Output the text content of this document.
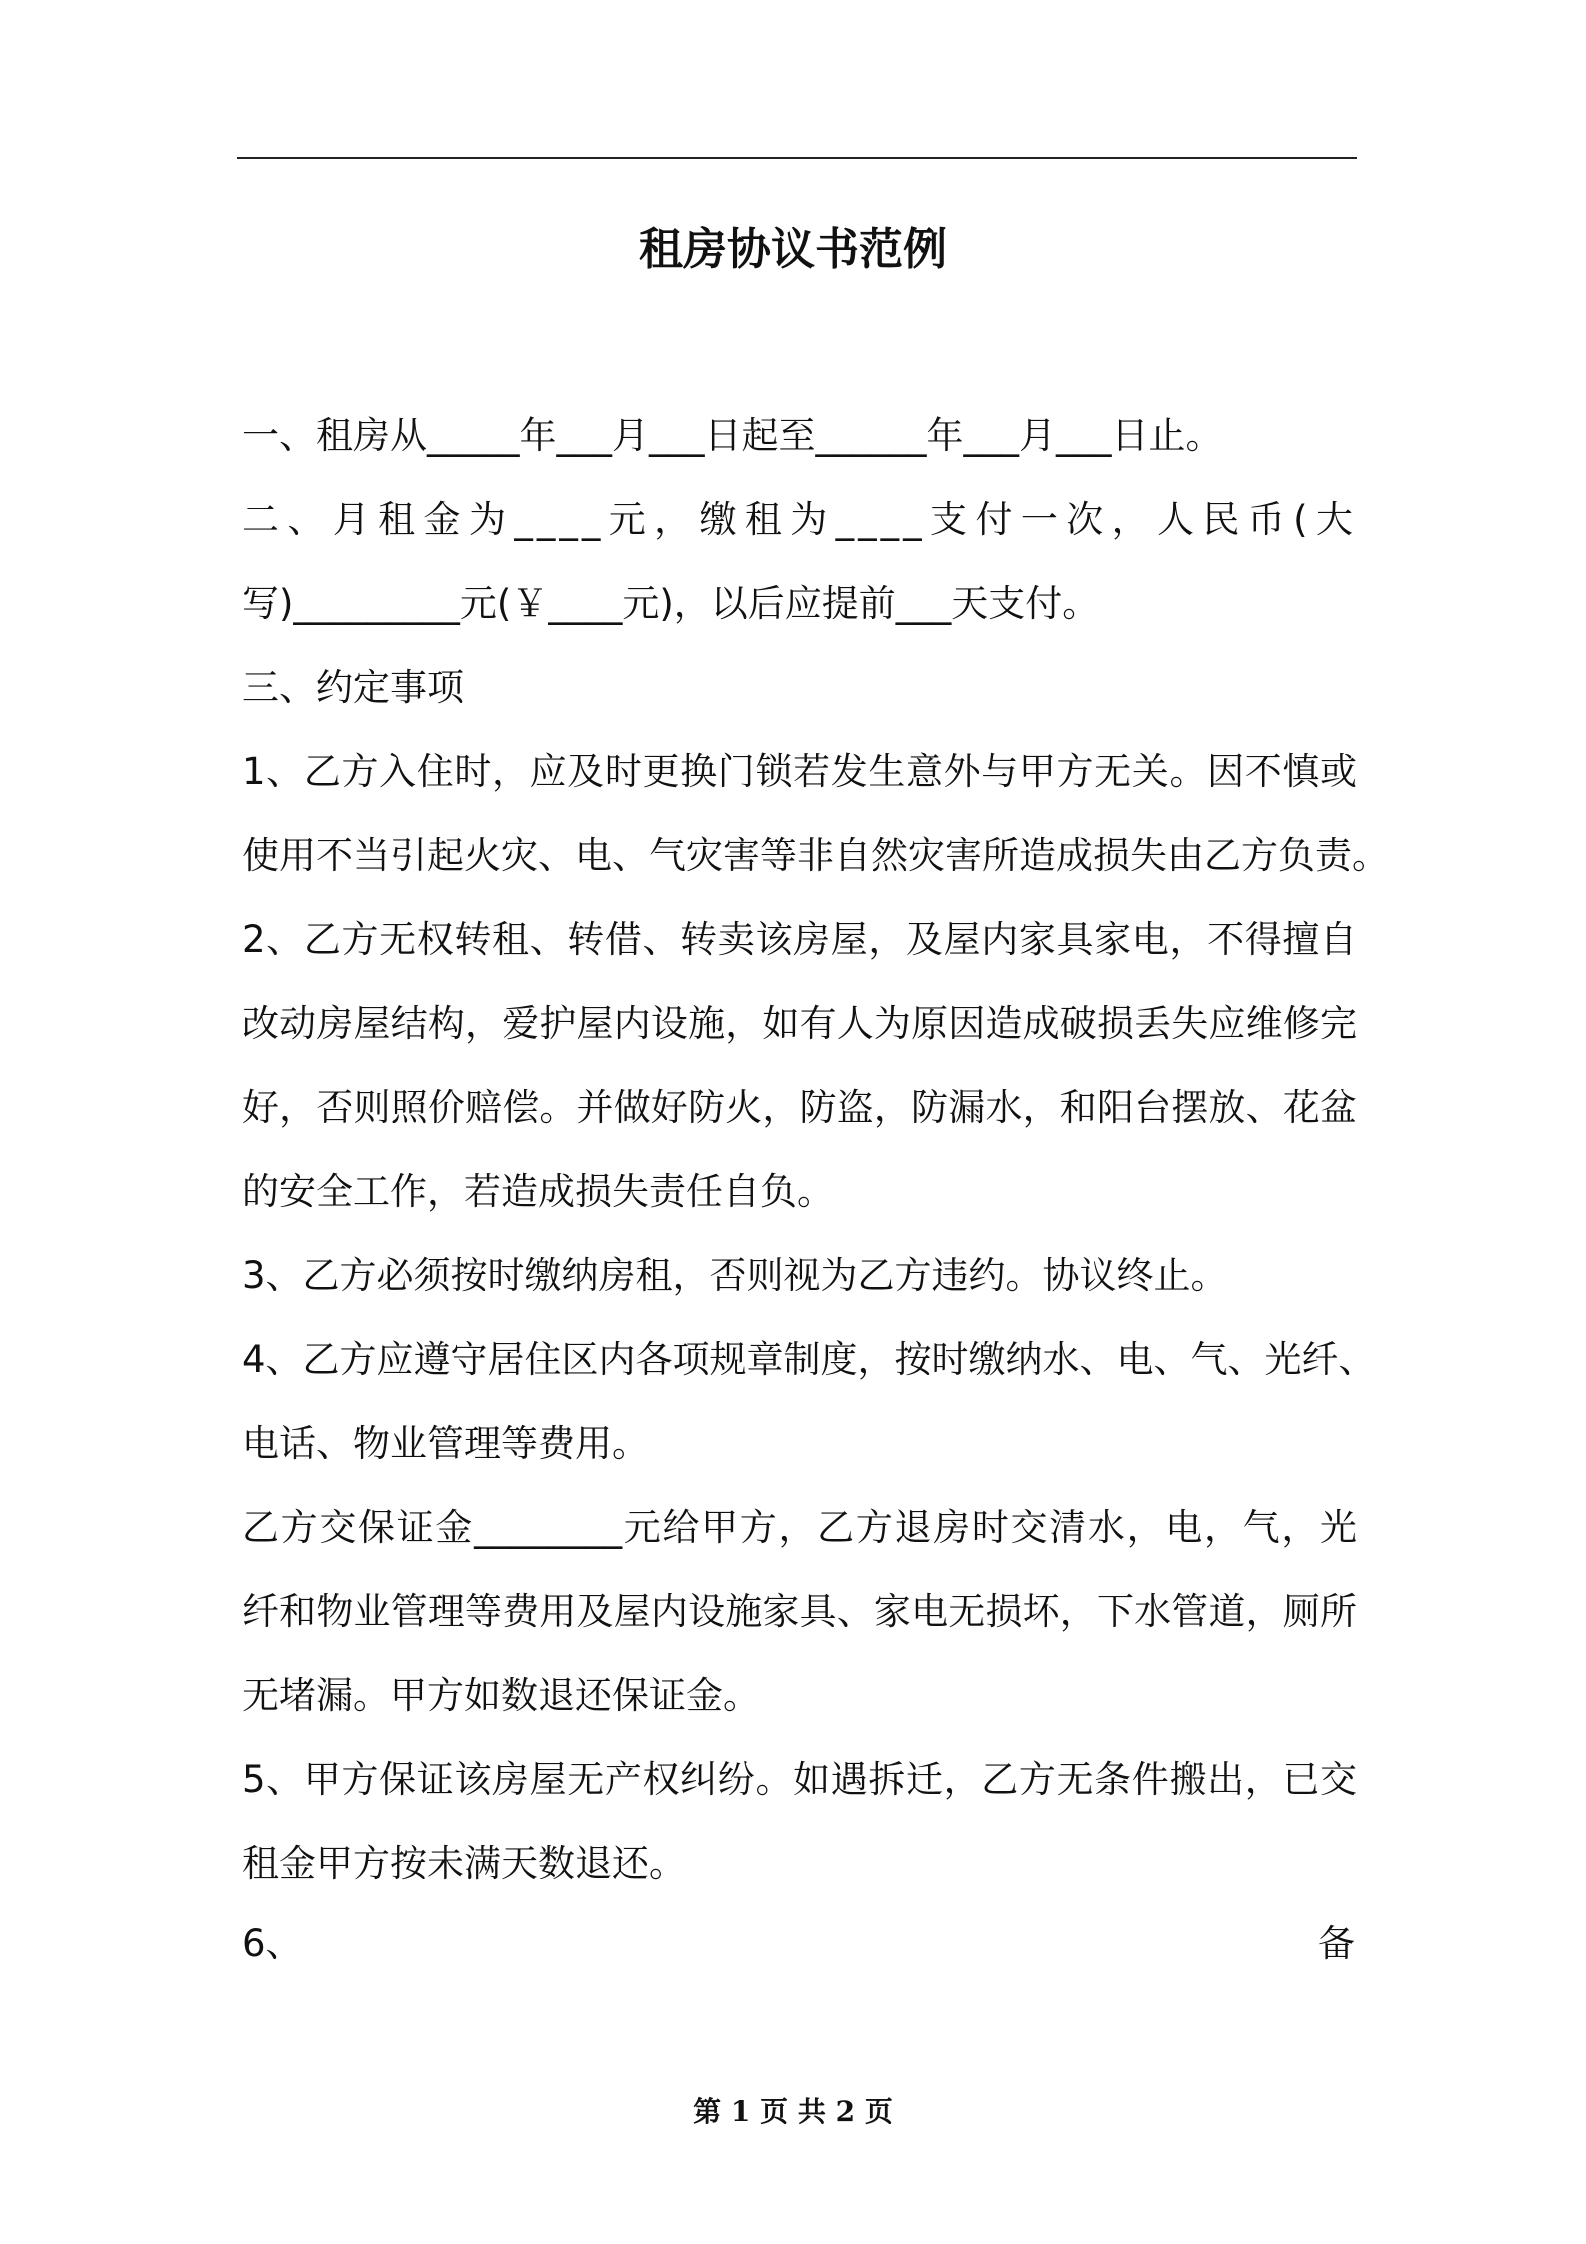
租房协议书范例
一、租房从_____年___月___日起至______年___月___日止。
二、月租金为____元，缴租为____支付一次，人民币(大
写)_________元(￥____元)，以后应提前___天支付。
三、约定事项
1、乙方入住时，应及时更换门锁若发生意外与甲方无关。因不慎或
使用不当引起火灾、电、气灾害等非自然灾害所造成损失由乙方负责。
2、乙方无权转租、转借、转卖该房屋，及屋内家具家电，不得擅自
改动房屋结构，爱护屋内设施，如有人为原因造成破损丢失应维修完
好，否则照价赔偿。并做好防火，防盗，防漏水，和阳台摆放、花盆
的安全工作，若造成损失责任自负。
3、乙方必须按时缴纳房租，否则视为乙方违约。协议终止。
4、乙方应遵守居住区内各项规章制度，按时缴纳水、电、气、光纤、
电话、物业管理等费用。
乙方交保证金________元给甲方，乙方退房时交清水，电，气，光
纤和物业管理等费用及屋内设施家具、家电无损坏，下水管道，厕所
无堵漏。甲方如数退还保证金。
5、甲方保证该房屋无产权纠纷。如遇拆迁，乙方无条件搬出，已交
租金甲方按未满天数退还。
6、	备
第 1 页 共 2 页
